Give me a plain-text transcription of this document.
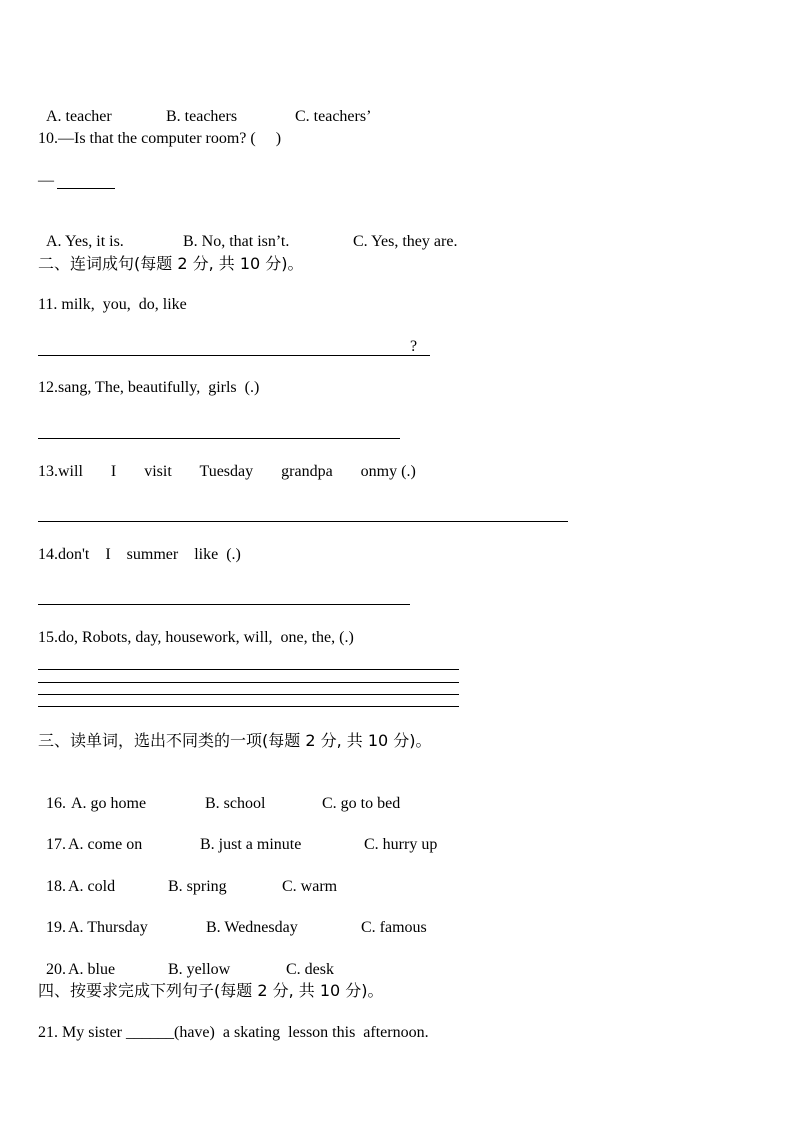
A. teacher	B. teachers	C. teachers’

10.—Is that the computer room? (     )
—

A. Yes, it is.	B. No, that isn’t.	C. Yes, they are.

二、连词成句(每题 2 分, 共 10 分)。
11. milk,  you,  do, like
?
12.sang, The, beautifully,  girls  (.)
13.will       I       visit       Tuesday       grandpa       onmy (.)
14.don't    I    summer    like  (.)
15.do, Robots, day, housework, will,  one, the, (.)
三、读单词，选出不同类的一项(每题 2 分, 共 10 分)。

16. A. go home	B. school	C. go to bed

17. A. come on	B. just a minute	C. hurry up

18. A. cold	B. spring	C. warm

19. A. Thursday	B. Wednesday	C. famous

20. A. blue	B. yellow	C. desk

四、按要求完成下列句子(每题 2 分, 共 10 分)。
21. My sister ______(have)  a skating  lesson this  afternoon.
